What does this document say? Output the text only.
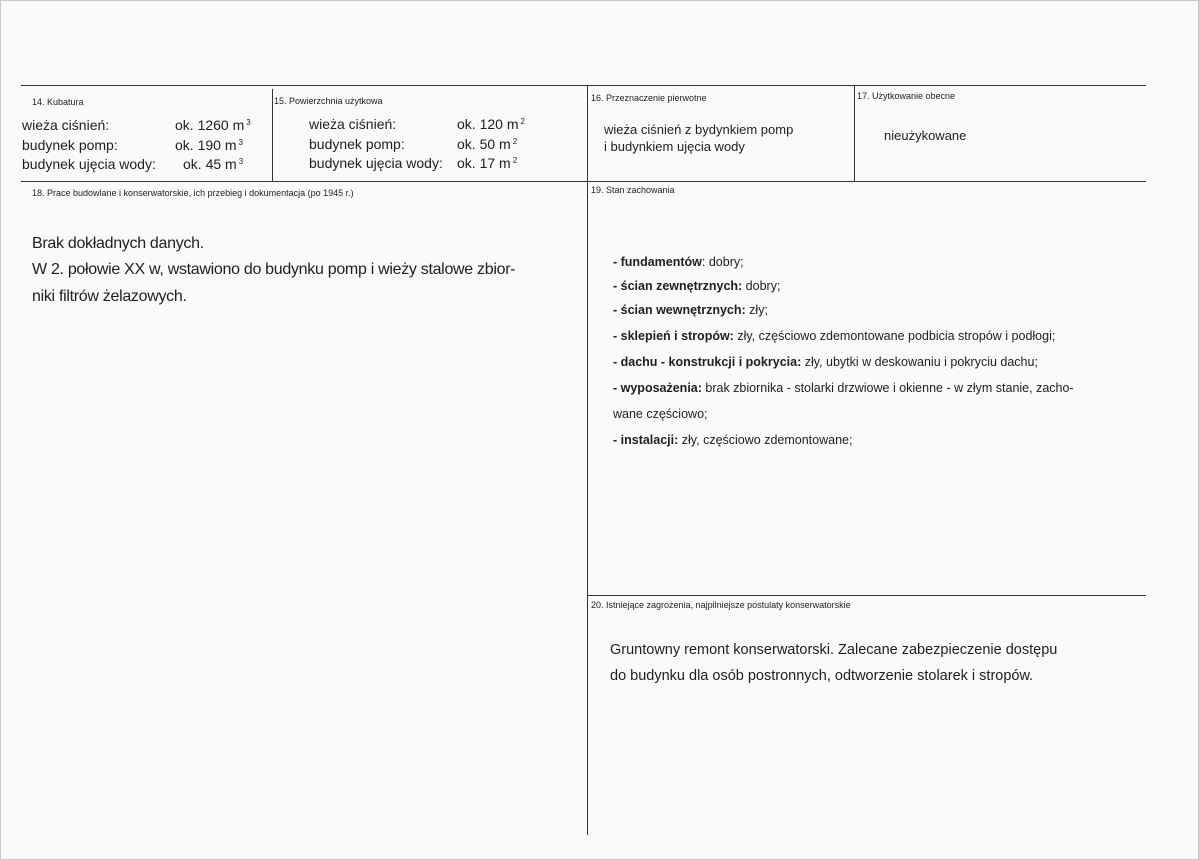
14. Kubatura
wieża ciśnień:	ok. 1260 m $^3$
budynek pomp:	ok. 190 m $^3$
budynek ujęcia wody: ok. 45 m $^3$
15. Powierzchnia użytkowa
wieża ciśnień:	ok. 120 m $^2$
budynek pomp:	ok. 50 m $^2$
budynek ujęcia wody: ok. 17 m $^2$
16. Przeznaczenie pierwotne
wieża ciśnień z bydynkiem pomp
i budynkiem ujęcia wody
17. Użytkowanie obecne
nieużykowane
18. Prace budowlane i konserwatorskie, ich przebieg i dokumentacja (po 1945 r.)
Brak dokładnych danych.
W 2. połowie XX w, wstawiono do budynku pomp i wieży stalowe zbior-
niki filtrów żelazowych.
19. Stan zachowania
- fundamentów: dobry;
- ścian zewnętrznych: dobry;
- ścian wewnętrznych: zły;
- sklepień i stropów: zły, częściowo zdemontowane podbicia stropów i podłogi;
- dachu - konstrukcji i pokrycia: zły, ubytki w deskowaniu i pokryciu dachu;
- wyposażenia: brak zbiornika - stolarki drzwiowe i okienne - w złym stanie, zacho-
wane częściowo;
- instalacji: zły, częściowo zdemontowane;
20. Istniejące zagrożenia, najpilniejsze postulaty konserwatorskie
Gruntowny remont konserwatorski. Zalecane zabezpieczenie dostępu
do budynku dla osób postronnych, odtworzenie stolarek i stropów.
